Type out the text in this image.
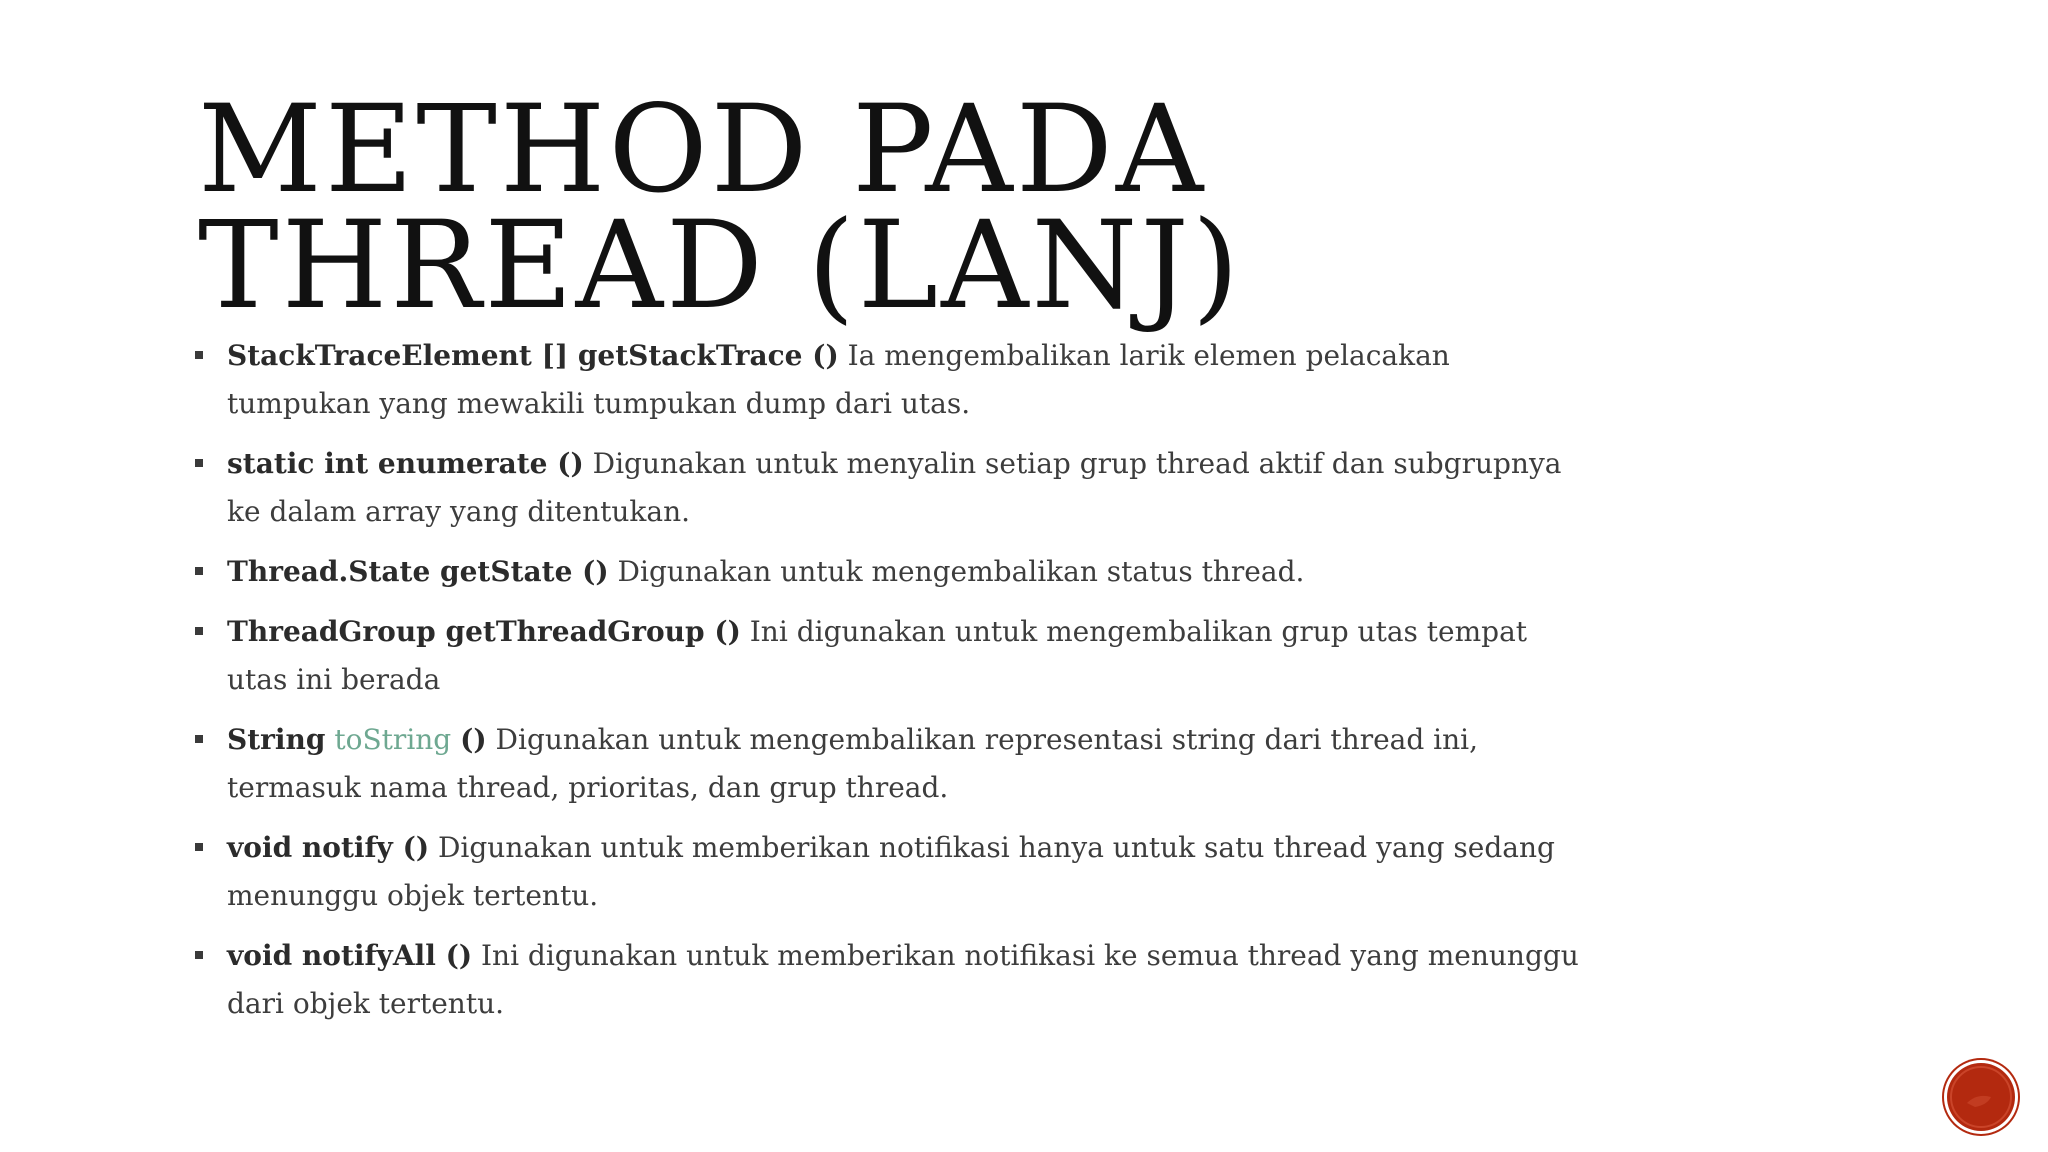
METHOD PADA THREAD (LANJ)
StackTraceElement [] getStackTrace () Ia mengembalikan larik elemen pelacakan tumpukan yang mewakili tumpukan dump dari utas.
static int enumerate () Digunakan untuk menyalin setiap grup thread aktif dan subgrupnya ke dalam array yang ditentukan.
Thread.State getState () Digunakan untuk mengembalikan status thread.
ThreadGroup getThreadGroup () Ini digunakan untuk mengembalikan grup utas tempat utas ini berada
String toString () Digunakan untuk mengembalikan representasi string dari thread ini, termasuk nama thread, prioritas, dan grup thread.
void notify () Digunakan untuk memberikan notifikasi hanya untuk satu thread yang sedang menunggu objek tertentu.
void notifyAll () Ini digunakan untuk memberikan notifikasi ke semua thread yang menunggu dari objek tertentu.
